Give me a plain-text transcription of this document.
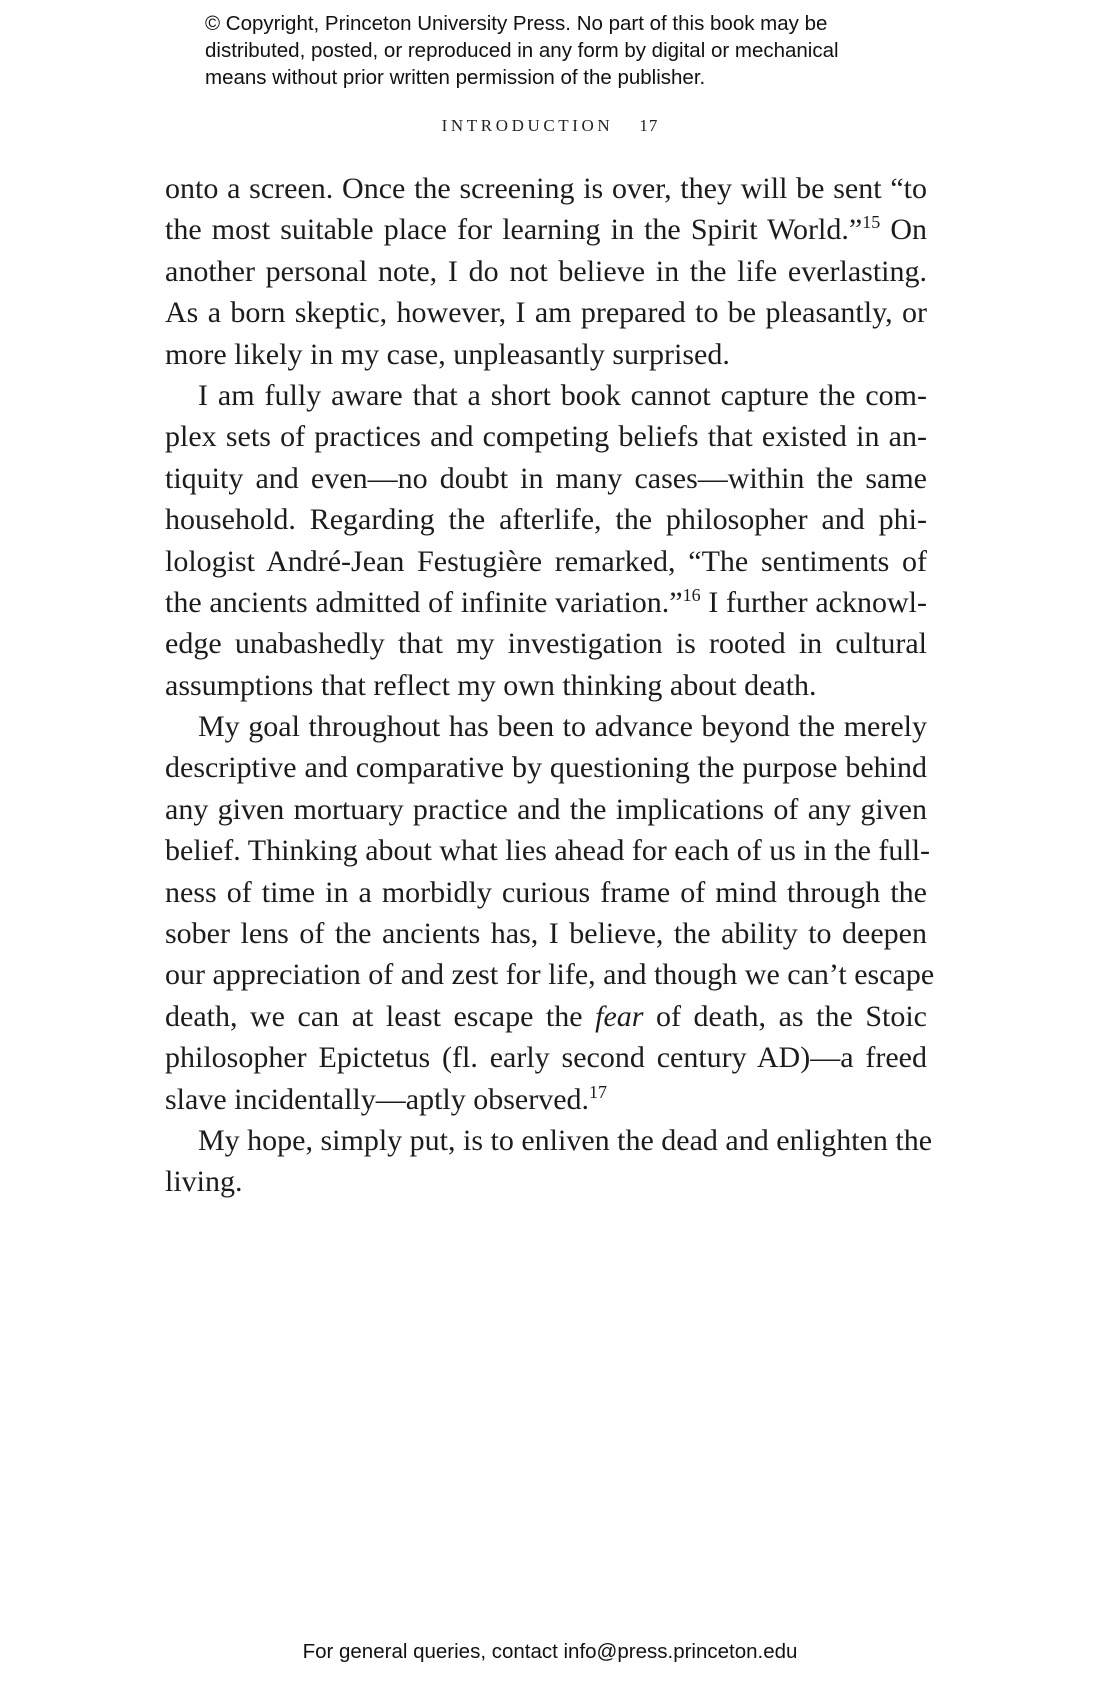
© Copyright, Princeton University Press. No part of this book may be
distributed, posted, or reproduced in any form by digital or mechanical
means without prior written permission of the publisher.
INTRODUCTION 17
onto a screen. Once the screening is over, they will be sent “to
the most suitable place for learning in the Spirit World.”$^{15}$ On
another personal note, I do not believe in the life everlasting.
As a born skeptic, however, I am prepared to be pleasantly, or
more likely in my case, unpleasantly surprised.
I am fully aware that a short book cannot capture the com-
plex sets of practices and competing beliefs that existed in an-
tiquity and even—no doubt in many cases—within the same
household. Regarding the afterlife, the philosopher and phi-
lologist André-Jean Festugière remarked, “The sentiments of
the ancients admitted of infinite variation.”$^{16}$ I further acknowl-
edge unabashedly that my investigation is rooted in cultural
assumptions that reflect my own thinking about death.
My goal throughout has been to advance beyond the merely
descriptive and comparative by questioning the purpose behind
any given mortuary practice and the implications of any given
belief. Thinking about what lies ahead for each of us in the full-
ness of time in a morbidly curious frame of mind through the
sober lens of the ancients has, I believe, the ability to deepen
our appreciation of and zest for life, and though we can’t escape
death, we can at least escape the fear of death, as the Stoic
philosopher Epictetus (fl. early second century AD)—a freed
slave incidentally—aptly observed.$^{17}$
My hope, simply put, is to enliven the dead and enlighten the
living.
For general queries, contact info@press.princeton.edu
